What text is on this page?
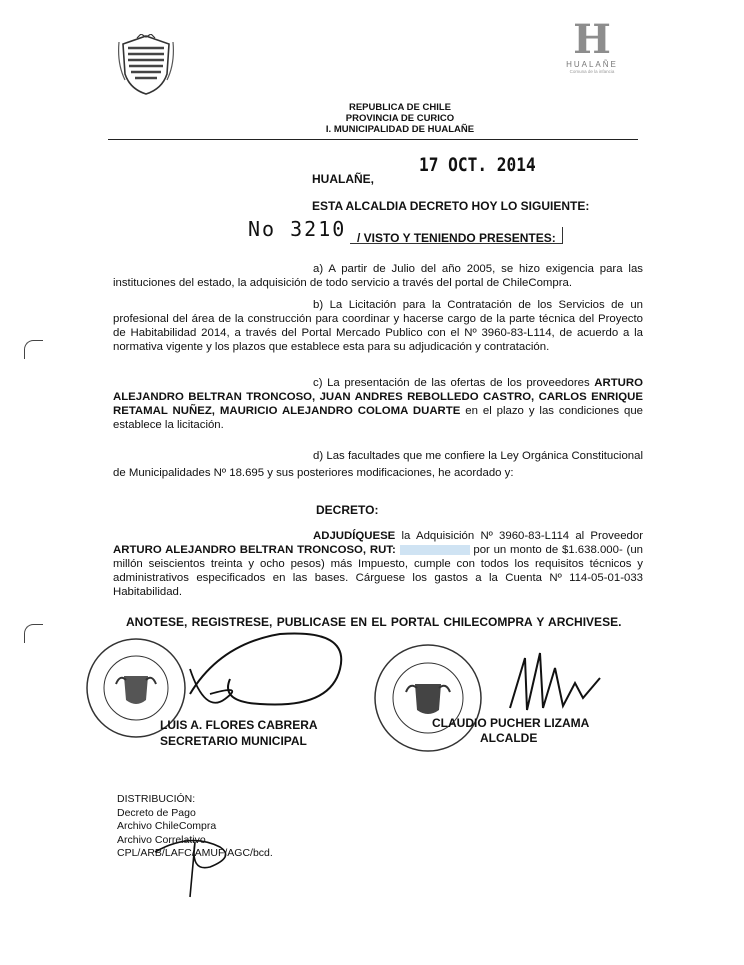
H
HUALAÑE
Comuna de la infancia
REPUBLICA DE CHILE
PROVINCIA DE CURICO
I. MUNICIPALIDAD DE HUALAÑE
HUALAÑE,
17 OCT. 2014
ESTA ALCALDIA DECRETO HOY LO SIGUIENTE:
No 3210 / VISTO Y TENIENDO PRESENTES:
a) A partir de Julio del año 2005, se hizo exigencia para las instituciones del estado, la adquisición de todo servicio a través del portal de ChileCompra.
b) La Licitación para la Contratación de los Servicios de un profesional del área de la construcción para coordinar y hacerse cargo de la parte técnica del Proyecto de Habitabilidad 2014, a través del Portal Mercado Publico con el Nº 3960-83-L114, de acuerdo a la normativa vigente y los plazos que establece esta para su adjudicación y contratación.
c) La presentación de las ofertas de los proveedores ARTURO ALEJANDRO BELTRAN TRONCOSO, JUAN ANDRES REBOLLEDO CASTRO, CARLOS ENRIQUE RETAMAL NUÑEZ, MAURICIO ALEJANDRO COLOMA DUARTE en el plazo y las condiciones que establece la licitación.
d) Las facultades que me confiere la Ley Orgánica Constitucional de Municipalidades Nº 18.695 y sus posteriores modificaciones, he acordado y:
DECRETO:
ADJUDÍQUESE la Adquisición Nº 3960-83-L114 al Proveedor ARTURO ALEJANDRO BELTRAN TRONCOSO, RUT:	por un monto de $1.638.000- (un millón seiscientos treinta y ocho pesos) más Impuesto, cumple con todos los requisitos técnicos y administrativos especificados en las bases. Cárguese los gastos a la Cuenta Nº 114-05-01-033 Habitabilidad.
ANOTESE, REGISTRESE, PUBLICASE EN EL PORTAL CHILECOMPRA Y ARCHIVESE.
LUIS A. FLORES CABRERA
SECRETARIO MUNICIPAL
CLAUDIO PUCHER LIZAMA
ALCALDE
DISTRIBUCIÓN:
Decreto de Pago
Archivo ChileCompra
Archivo Correlativo
CPL/ARB/LAFC/AMUF/AGC/bcd.
